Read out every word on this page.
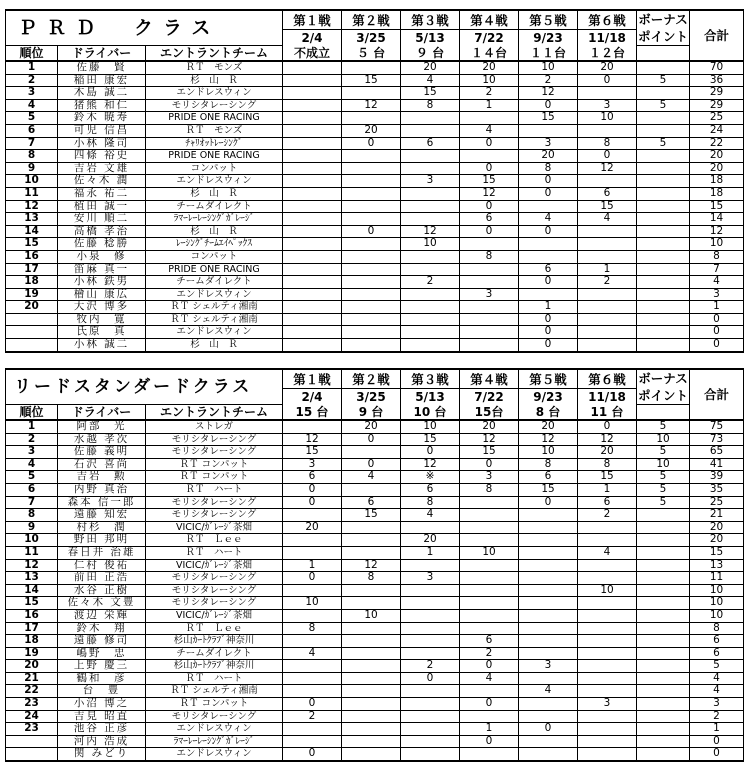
ＰＲＤ　クラス			第１戦	第２戦	第３戦	第４戦	第５戦	第６戦	ボーナス
ポイント	合計
			2/4	3/25	5/13	7/22	9/23	11/18		
順位	ドライバー	エントラントチーム	不成立	５ 台	９ 台	１４台	１１台	１２台		
1	佐藤　賢	ＲＴ　モンズ			20	20	10	20		70
2	稲田 康宏	杉　山　Ｒ		15	4	10	2	0	5	36
3	木島 誠二	エンドレスウィン			15	2	12			29
4	猪熊 和仁	モリシタレーシング		12	8	1	0	3	5	29
5	鈴木 暁寿	PRIDE ONE RACING					15	10		25
6	可児 信昌	ＲＴ　モンズ		20		4				24
7	小林 隆司	ﾁｬﾘｵｯﾄﾚｰｼﾝｸﾞ		0	6	0	3	8	5	22
8	四條 裕史	PRIDE ONE RACING					20	0		20
9	吉岩 文雄	コンパット				0	8	12		20
10	佐々木 潤	エンドレスウィン			3	15	0			18
11	福永 祐二	杉　山　Ｒ				12	0	6		18
12	植田 誠一	チームダイレクト				0		15		15
13	安川 順二	ﾗﾏｰﾚｰﾚｰｼﾝｸﾞｶﾞﾚｰｼﾞ				6	4	4		14
14	高橋 孝治	杉　山　Ｒ		0	12	0	0			12
15	佐藤 稔勝	ﾚｰｼﾝｸﾞﾁｰﾑｴｲﾍﾟｯｸｽ			10					10
16	小泉　修	コンパット				8				8
17	笛麻 真一	PRIDE ONE RACING					6	1		7
18	小林 鉄男	チームダイレクト			2		0	2		4
19	檜山 康広	エンドレスウィン				3				3
20	大沢 博多	ＲＴ シェルティ湘南					1			1
	牧内　寛	ＲＴ シェルティ湘南					0			0
	氏原　真	エンドレスウィン					0			0
	小林 誠二	杉　山　Ｒ					0			0
リードスタンダードクラス			第１戦	第２戦	第３戦	第４戦	第５戦	第６戦	ボーナス
ポイント	合計
			2/4	3/25	5/13	7/22	9/23	11/18		
順位	ドライバー	エントラントチーム	15 台	9 台	10 台	15台	8 台	11 台		
1	阿部　光	ストレガ		20	10	20	20	0	5	75
2	水越 孝次	モリシタレーシング	12	0	15	12	12	12	10	73
3	佐藤 義明	モリシタレーシング	15		0	15	10	20	5	65
4	石沢 喜尚	ＲＴ コンパット	3	0	12	0	8	8	10	41
5	吉岩　勲	ＲＴ コンパット	6	4	※	3	6	15	5	39
6	内野 真治	ＲＴ　ハート	0		6	8	15	1	5	35
7	森本 信一郎	モリシタレーシング	0	6	8		0	6	5	25
8	遠藤 知宏	モリシタレーシング		15	4			2		21
9	村杉　潤	VICIC/ｶﾞﾚｰｼﾞ茶畑	20							20
10	野田 邦明	ＲＴ　Ｌｅｅ			20					20
11	春日井 治雄	ＲＴ　ハート			1	10		4		15
12	仁村 俊祐	VICIC/ｶﾞﾚｰｼﾞ茶畑	1	12						13
13	前田 正浩	モリシタレーシング	0	8	3					11
14	水谷 正樹	モリシタレーシング						10		10
15	佐々木 文豊	モリシタレーシング	10							10
16	渡辺 栄輝	VICIC/ｶﾞﾚｰｼﾞ茶畑		10						10
17	鈴木　翔	ＲＴ　Ｌｅｅ	8							8
18	遠藤 修司	杉山ｶｰﾄｸﾗﾌﾞ神奈川				6				6
19	嶋野　忠	チームダイレクト	4			2				6
20	上野 慶三	杉山ｶｰﾄｸﾗﾌﾞ神奈川			2	0	3			5
21	鶴和　彦	ＲＴ　ハート			0	4				4
22	台　豊	ＲＴ シェルティ湘南					4			4
23	小沼 博之	ＲＴ コンパット	0			0		3		3
24	吉見 昭直	モリシタレーシング	2							2
23	池谷 正彦	エンドレスウィン				1	0			1
	河内 浩成	ﾗﾏｰﾚｰﾚｰｼﾝｸﾞｶﾞﾚｰｼﾞ				0				0
	関 みどり	エンドレスウィン	0							0
